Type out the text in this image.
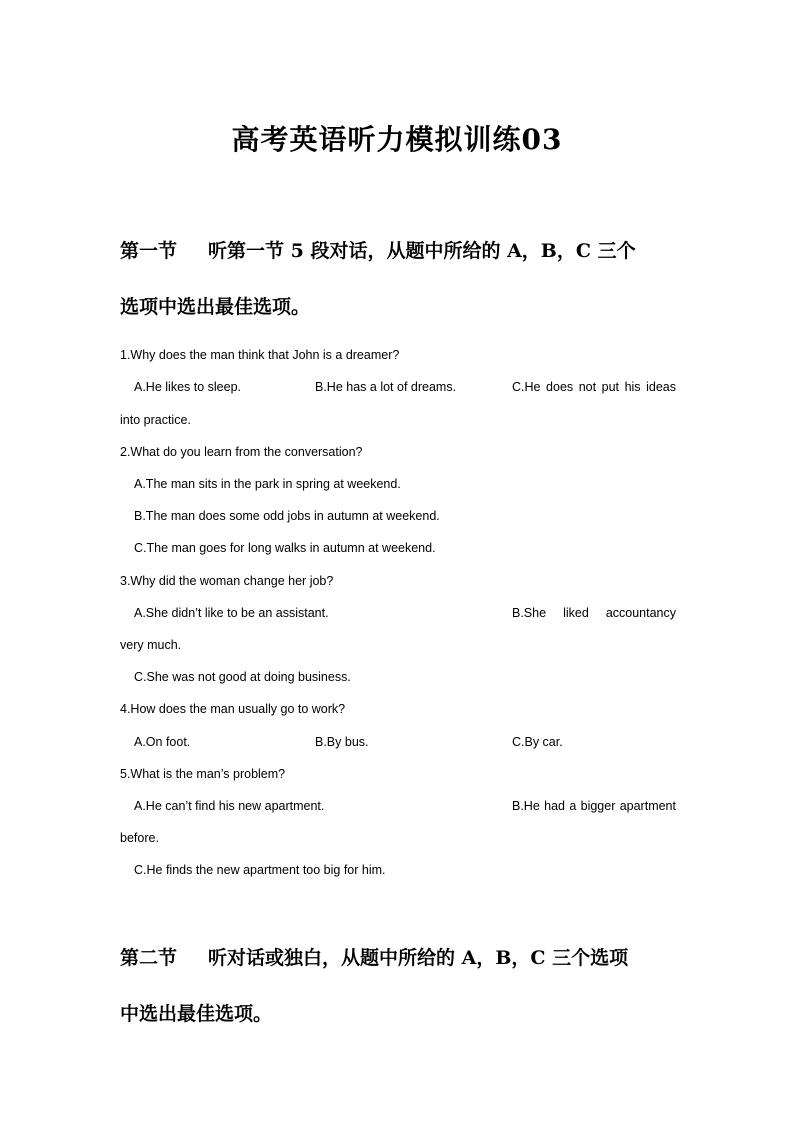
高考英语听力模拟训练03
第一节 听第一节 5 段对话，从题中所给的 A，B，C 三个
选项中选出最佳选项。
1.Why does the man think that John is a dreamer?
A.He likes to sleep.	B.He has a lot of dreams.	C.He does not put his ideas
into practice.
2.What do you learn from the conversation?
A.The man sits in the park in spring at weekend.
B.The man does some odd jobs in autumn at weekend.
C.The man goes for long walks in autumn at weekend.
3.Why did the woman change her job?
A.She didn’t like to be an assistant.	B.She liked accountancy
very much.
C.She was not good at doing business.
4.How does the man usually go to work?
A.On foot.	B.By bus.	C.By car.
5.What is the man’s problem?
A.He can’t find his new apartment.	B.He had a bigger apartment
before.
C.He finds the new apartment too big for him.
第二节 听对话或独白，从题中所给的 A，B，C 三个选项
中选出最佳选项。
